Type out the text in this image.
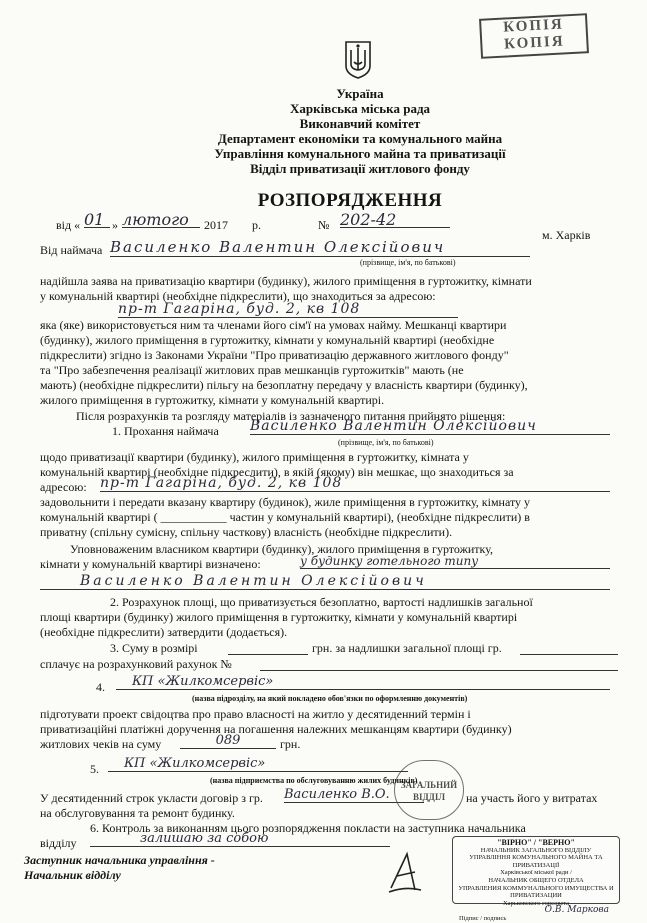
КОПІЯ
КОПІЯ
Україна
Харківська міська рада
Виконавчий комітет
Департамент економіки та комунального майна
Управління комунального майна та приватизації
Відділ приватизації житлового фонду
РОЗПОРЯДЖЕННЯ
від « 01 » лютого	2017 р.	№ 202-42
м. Харків
Від наймача Василенко Валентин Олексійович
(прізвище, ім'я, по батькові)
надійшла заява на приватизацію квартири (будинку), жилого приміщення в гуртожитку, кімнати
у комунальній квартирі (необхідне підкреслити), що знаходиться за адресою:
пр-т Гагаріна, буд. 2, кв 108
яка (яке) використовується ним та членами його сім'ї на умовах найму. Мешканці квартири
(будинку), жилого приміщення в гуртожитку, кімнати у комунальній квартирі (необхідне
підкреслити) згідно із Законами України "Про приватизацію державного житлового фонду"
та "Про забезпечення реалізації житлових прав мешканців гуртожитків" мають (не
мають) (необхідне підкреслити) пільгу на безоплатну передачу у власність квартири (будинку),
жилого приміщення в гуртожитку, кімнати у комунальній квартирі.
Після розрахунків та розгляду матеріалів із зазначеного питання прийнято рішення:
1. Прохання наймача Василенко Валентин Олексійович
(прізвище, ім'я, по батькові)
щодо приватизації квартири (будинку), жилого приміщення в гуртожитку, кімната у
комунальній квартирі (необхідне підкреслити), в якій (якому) він мешкає, що знаходиться за
адресою: пр-т Гагаріна, буд. 2, кв 108
задовольнити і передати вказану квартиру (будинок), жиле приміщення в гуртожитку, кімнату у
комунальній квартирі ( ___________ частин у комунальній квартирі), (необхідне підкреслити) в
приватну (спільну сумісну, спільну часткову) власність (необхідне підкреслити).
Уповноваженим власником квартири (будинку), жилого приміщення в гуртожитку,
кімнати у комунальній квартирі визначено:	у будинку готельного типу
Василенко Валентин Олексійович
2. Розрахунок площі, що приватизується безоплатно, вартості надлишків загальної
площі квартири (будинку) жилого приміщення в гуртожитку, кімнати у комунальній квартирі
(необхідне підкреслити) затвердити (додається).
3. Суму в розмірі	грн. за надлишки загальної площі гр.
сплачує на розрахунковий рахунок №
4.	КП «Жилкомсервіс»
(назва підрозділу, на який покладено обов'язки по оформленню документів)
підготувати проект свідоцтва про право власності на житло у десятиденний термін і
приватизаційні платіжні доручення на погашення належних мешканцям квартири (будинку)
житлових чеків на суму	089	грн.
5.	КП «Жилкомсервіс»
(назва підприємства по обслуговуванню жилих будинків)
У десятиденний строк укласти договір з гр. Василенко В.О.	на участь його у витратах
на обслуговування та ремонт будинку.
6. Контроль за виконанням цього розпорядження покласти на заступника начальника
відділу	залишаю за собою
Заступник начальника управління -
Начальник відділу
ЗАГАЛЬНИЙ ВІДДІЛ
"ВІРНО" / "ВЕРНО"
НАЧАЛЬНИК ЗАГАЛЬНОГО ВІДДІЛУ
УПРАВЛІННЯ КОМУНАЛЬНОГО МАЙНА ТА ПРИВАТИЗАЦІЇ
Харківської міської ради /
НАЧАЛЬНИК ОБЩЕГО ОТДЕЛА
УПРАВЛЕНИЯ КОММУНАЛЬНОГО ИМУЩЕСТВА И ПРИВАТИЗАЦИИ
Харьковского горсовета
О.В. Маркова
Підпис / подпись
